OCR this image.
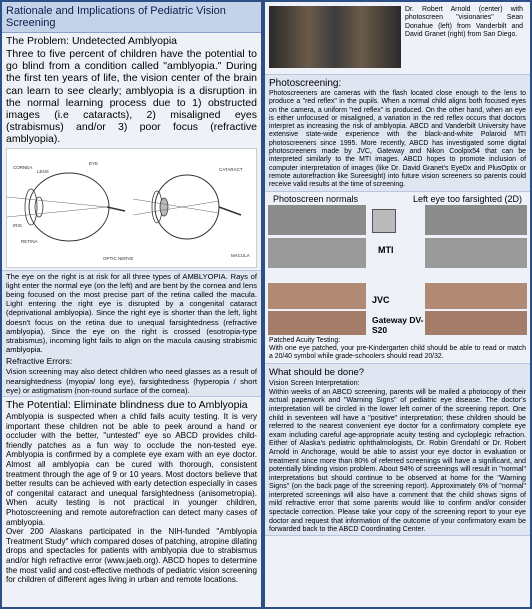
Rationale and Implications of Pediatric Vision Screening
The Problem: Undetected Amblyopia
Three to five percent of children have the potential to go blind from a condition called "amblyopia." During the first ten years of life, the vision center of the brain can learn to see clearly; amblyopia is a disruption in the normal learning process due to 1) obstructed images (i.e cataracts), 2) misaligned eyes (strabismus) and/or 3) poor focus (refractive amblyopia).
CORNEA
LENS
IRIS
RETINA
EYE
CATARACT
MACULA
OPTIC NERVE
The eye on the right is at risk for all three types of AMBLYOPIA. Rays of light enter the normal eye (on the left) and are bent by the cornea and lens being focused on the most precise part of the retina called the macula. Light entering the right eye is disrupted by a congenital cataract (deprivational amblyopia). Since the right eye is shorter than the left, light doesn't focus on the retina due to unequal farsightedness (refractive amblyopia). Since the eye on the right is crossed (esotropia-type strabismus), incoming light fails to align on the macula causing strabismic amblyopia.
Refractive Errors:
Vision screening may also detect children who need glasses as a result of nearsightedness (myopia/ long eye), farsightedness (hyperopia / short eye) or astigmatism (non-round surface of the cornea).
The Potential: Eliminate blindness due to Amblyopia
Amblyopia is suspected when a child fails acuity testing. It is very important these children not be able to peek around a hand or occluder with the better, "untested" eye so ABCD provides child-friendly patches as a fun way to occlude the non-tested eye. Amblyopia is confirmed by a complete eye exam with an eye doctor. Almost all amblyopia can be cured with thorough, consistent treatment through the age of 9 or 10 years. Most doctors believe that better results can be achieved with early detection especially in cases of congenital cataract and unequal farsightedness (anisometropia). When acuity testing is not practical in younger children, Photoscreening and remote autorefraction can detect many cases of amblyopia.
Over 200 Alaskans participated in the NIH-funded "Amblyopia Treatment Study" which compared doses of patching, atropine dilating drops and spectacles for patients with amblyopia due to strabismus and/or high refractive error (www.jaeb.org). ABCD hopes to determine the most valid and cost-effective methods of pediatric vision screening for children of different ages living in urban and remote locations.
Dr. Robert Arnold (center) with photoscreen "visionaries" Sean Donahue (left) from Vanderbilt and David Granet (right) from San Diego.
Photoscreening:
Photoscreeners are cameras with the flash located close enough to the lens to produce a "red reflex" in the pupils. When a normal child aligns both focused eyes on the camera, a uniform "red reflex" is produced. On the other hand, when an eye is either unfocused or misaligned, a variation in the red reflex occurs that doctors interpret as increasing the risk of amblyopia. ABCD and Vanderbilt University have extensive state-wide experience with the black-and-white Polaroid MTI photoscreeners since 1995. More recently, ABCD has investigated some digital photoscreeners made by JVC, Gateway and Nikon Coolpix54 that can be interpreted similarly to the MTI images. ABCD hopes to promote inclusion of computer interpretation of images (like Dr. David Granet's EyeDx and PlusOptix or remote autorefraction like Sureesight) into future vision screeners so parents could receive valid results at the time of screening.
Photoscreen normals	Left eye too farsighted (2D)
MTI
JVC
Gateway DV-S20
Patched Acuity Testing:
With one eye patched, your pre-Kindergarten child should be able to read or match a 20/40 symbol while grade-schoolers should read 20/32.
What should be done?
Vision Screen Interpretation:
Within weeks of an ABCD screening, parents will be mailed a photocopy of their actual paperwork and "Warning Signs" of pediatric eye disease. The doctor's interpretation will be circled in the lower left corner of the screening report. One child in seventeen will have a "positive" interpretation; these children should be referred to the nearest convenient eye doctor for a confirmatory complete eye exam including careful age-appropriate acuity testing and cycloplegic refraction. Either of Alaska's pediatric ophthalmologists, Dr. Robin Grendahl or Dr. Robert Arnold in Anchorage, would be able to assist your eye doctor in evaluation or treatment since more than 80% of referred screenings will have a significant, and potentially blinding vision problem. About 94% of screenings will result in "normal" interpretations but should continue to be observed at home for the "Warning Signs" (on the back page of the screening report). Approximately 6% of "normal" interpreted screenings will also have a comment that the child shows signs of mild refractive error that some parents would like to confirm and/or consider spectacle correction. Please take your copy of the screening report to your eye doctor and request that information of the outcome of your confirmatory exam be forwarded back to the ABCD Coordinating Center.
